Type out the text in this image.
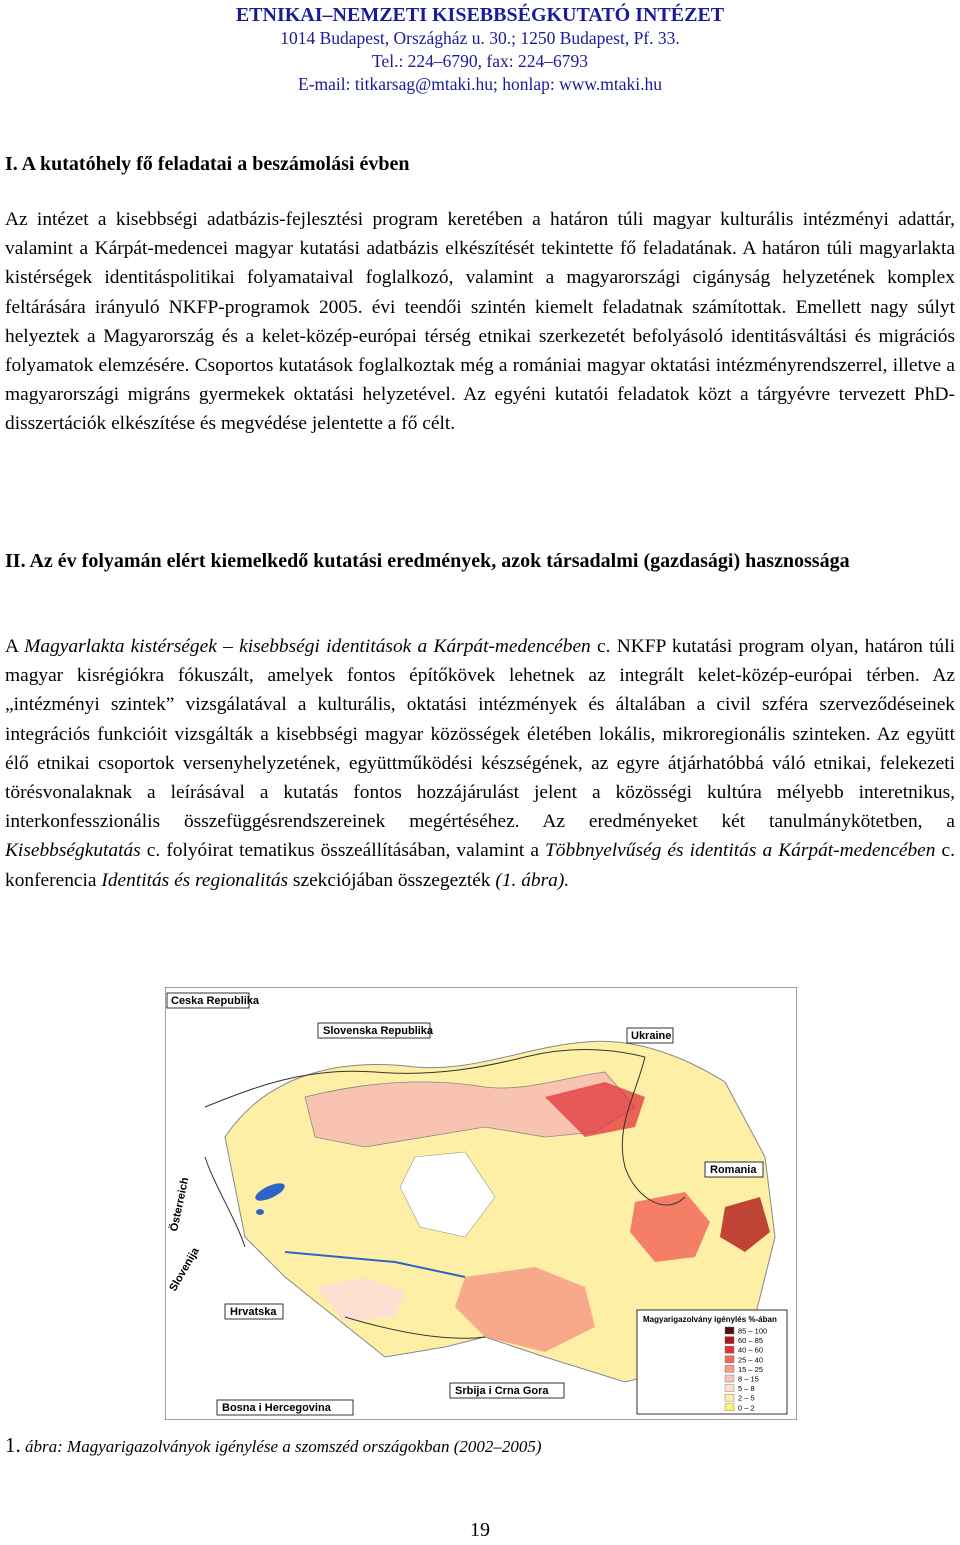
ETNIKAI–NEMZETI KISEBBSÉGKUTATÓ INTÉZET
1014 Budapest, Országház u. 30.; 1250 Budapest, Pf. 33.
Tel.: 224–6790, fax: 224–6793
E-mail: titkarsag@mtaki.hu; honlap: www.mtaki.hu
I. A kutatóhely fő feladatai a beszámolási évben
Az intézet a kisebbségi adatbázis-fejlesztési program keretében a határon túli magyar kulturális intézményi adattár, valamint a Kárpát-medencei magyar kutatási adatbázis elkészítését tekintette fő feladatának. A határon túli magyarlakta kistérségek identitáspolitikai folyamataival foglalkozó, valamint a magyarországi cigányság helyzetének komplex feltárására irányuló NKFP-programok 2005. évi teendői szintén kiemelt feladatnak számítottak. Emellett nagy súlyt helyeztek a Magyarország és a kelet-közép-európai térség etnikai szerkezetét befolyásoló identitásváltási és migrációs folyamatok elemzésére. Csoportos kutatások foglalkoztak még a romániai magyar oktatási intézményrendszerrel, illetve a magyarországi migráns gyermekek oktatási helyzetével. Az egyéni kutatói feladatok közt a tárgyévre tervezett PhD-disszertációk elkészítése és megvédése jelentette a fő célt.
II. Az év folyamán elért kiemelkedő kutatási eredmények, azok társadalmi (gazdasági) hasznossága
A Magyarlakta kistérségek – kisebbségi identitások a Kárpát-medencében c. NKFP kutatási program olyan, határon túli magyar kisrégiókra fókuszált, amelyek fontos építőkövek lehetnek az integrált kelet-közép-európai térben. Az „intézményi szintek” vizsgálatával a kulturális, oktatási intézmények és általában a civil szféra szerveződéseinek integrációs funkcióit vizsgálták a kisebbségi magyar közösségek életében lokális, mikroregionális szinteken. Az együtt élő etnikai csoportok versenyhelyzetének, együttműködési készségének, az egyre átjárhatóbbá váló etnikai, felekezeti törésvonalaknak a leírásával a kutatás fontos hozzájárulást jelent a közösségi kultúra mélyebb interetnikus, interkonfesszionális összefüggésrendszereinek megértéséhez. Az eredményeket két tanulmánykötetben, a Kisebbségkutatás c. folyóirat tematikus összeállításában, valamint a Többnyelvűség és identitás a Kárpát-medencében c. konferencia Identitás és regionalitás szekciójában összegezték (1. ábra).
Ceska Republika
Slovenska Republika	Ukraine
Romania
Österreich
Slovenija
Hrvatska
Srbija i Crna Gora
Bosna i Hercegovina
Magyarigazolvány igénylés %-ában
85 – 100
60 – 85
40 – 60
25 – 40
15 – 25
8 – 15
5 – 8
2 – 5
0 – 2
1. ábra: Magyarigazolványok igénylése a szomszéd országokban (2002–2005)
19
